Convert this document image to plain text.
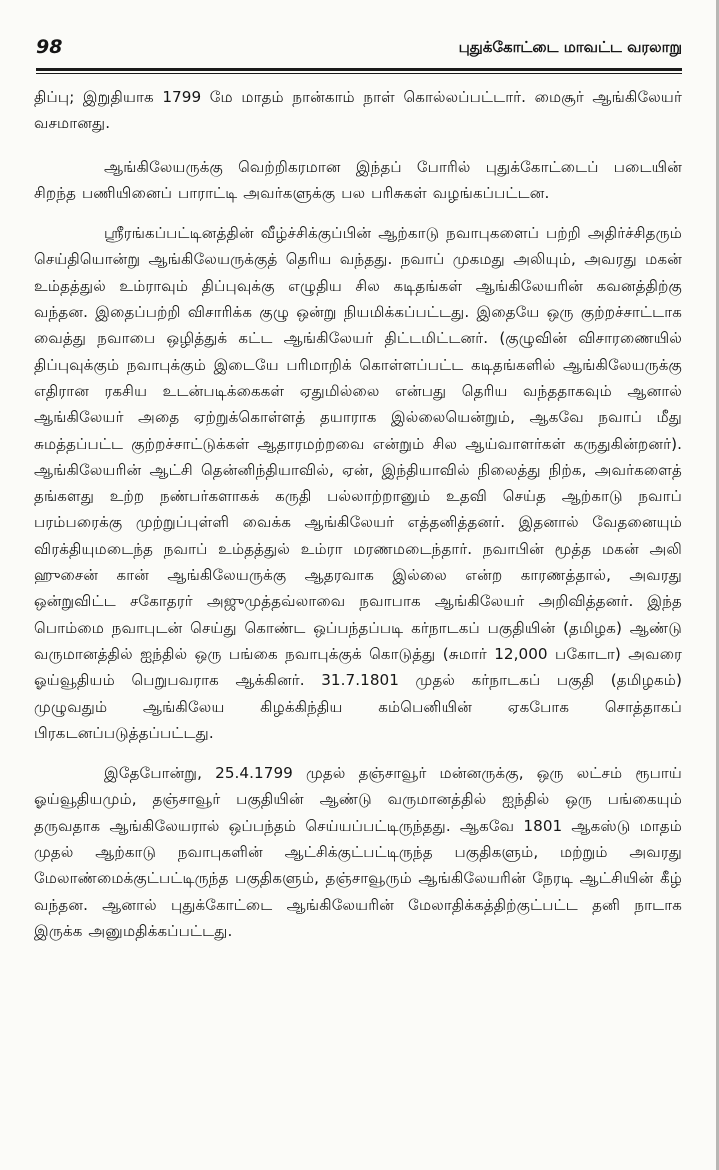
98	புதுக்கோட்டை மாவட்ட வரலாறு

திப்பு; இறுதியாக 1799 மே மாதம் நான்காம் நாள் கொல்லப்பட்டார். மைசூர் ஆங்கிலேயர் வசமானது.

ஆங்கிலேயருக்கு வெற்றிகரமான இந்தப் போரில் புதுக்கோட்டைப் படையின் சிறந்த பணியினைப் பாராட்டி அவர்களுக்கு பல பரிசுகள் வழங்கப்பட்டன.

ஸ்ரீரங்கப்பட்டினத்தின் வீழ்ச்சிக்குப்பின் ஆற்காடு நவாபுகளைப் பற்றி அதிர்ச்சிதரும் செய்தியொன்று ஆங்கிலேயருக்குத் தெரிய வந்தது. நவாப் முகமது அலியும், அவரது மகன் உம்தத்துல் உம்ராவும் திப்புவுக்கு எழுதிய சில கடிதங்கள் ஆங்கிலேயரின் கவனத்திற்கு வந்தன. இதைப்பற்றி விசாரிக்க குழு ஒன்று நியமிக்கப்பட்டது. இதையே ஒரு குற்றச்சாட்டாக வைத்து நவாபை ஒழித்துக் கட்ட ஆங்கிலேயர் திட்டமிட்டனர். (குழுவின் விசாரணையில் திப்புவுக்கும் நவாபுக்கும் இடையே பரிமாறிக் கொள்ளப்பட்ட கடிதங்களில் ஆங்கிலேயருக்கு எதிரான ரகசிய உடன்படிக்கைகள் ஏதுமில்லை என்பது தெரிய வந்ததாகவும் ஆனால் ஆங்கிலேயர் அதை ஏற்றுக்கொள்ளத் தயாராக இல்லையென்றும், ஆகவே நவாப் மீது சுமத்தப்பட்ட குற்றச்சாட்டுக்கள் ஆதாரமற்றவை என்றும் சில ஆய்வாளர்கள் கருதுகின்றனர்). ஆங்கிலேயரின் ஆட்சி தென்னிந்தியாவில், ஏன், இந்தியாவில் நிலைத்து நிற்க, அவர்களைத் தங்களது உற்ற நண்பர்களாகக் கருதி பல்லாற்றானும் உதவி செய்த ஆற்காடு நவாப் பரம்பரைக்கு முற்றுப்புள்ளி வைக்க ஆங்கிலேயர் எத்தனித்தனர். இதனால் வேதனையும் விரக்தியுமடைந்த நவாப் உம்தத்துல் உம்ரா மரணமடைந்தார். நவாபின் மூத்த மகன் அலி ஹுசைன் கான் ஆங்கிலேயருக்கு ஆதரவாக இல்லை என்ற காரணத்தால், அவரது ஒன்றுவிட்ட சகோதரர் அஜுமுத்தவ்லாவை நவாபாக ஆங்கிலேயர் அறிவித்தனர். இந்த பொம்மை நவாபுடன் செய்து கொண்ட ஒப்பந்தப்படி கர்நாடகப் பகுதியின் (தமிழக) ஆண்டு வருமானத்தில் ஐந்தில் ஒரு பங்கை நவாபுக்குக் கொடுத்து (சுமார் 12,000 பகோடா) அவரை ஓய்வூதியம் பெறுபவராக ஆக்கினர். 31.7.1801 முதல் கர்நாடகப் பகுதி (தமிழகம்) முழுவதும் ஆங்கிலேய கிழக்கிந்திய கம்பெனியின் ஏகபோக சொத்தாகப் பிரகடனப்படுத்தப்பட்டது.

இதேபோன்று, 25.4.1799 முதல் தஞ்சாவூர் மன்னருக்கு, ஒரு லட்சம் ரூபாய் ஓய்வூதியமும், தஞ்சாவூர் பகுதியின் ஆண்டு வருமானத்தில் ஐந்தில் ஒரு பங்கையும் தருவதாக ஆங்கிலேயரால் ஒப்பந்தம் செய்யப்பட்டிருந்தது. ஆகவே 1801 ஆகஸ்டு மாதம் முதல் ஆற்காடு நவாபுகளின் ஆட்சிக்குட்பட்டிருந்த பகுதிகளும், மற்றும் அவரது மேலாண்மைக்குட்பட்டிருந்த பகுதிகளும், தஞ்சாவூரும் ஆங்கிலேயரின் நேரடி ஆட்சியின் கீழ் வந்தன. ஆனால் புதுக்கோட்டை ஆங்கிலேயரின் மேலாதிக்கத்திற்குட்பட்ட தனி நாடாக இருக்க அனுமதிக்கப்பட்டது.
